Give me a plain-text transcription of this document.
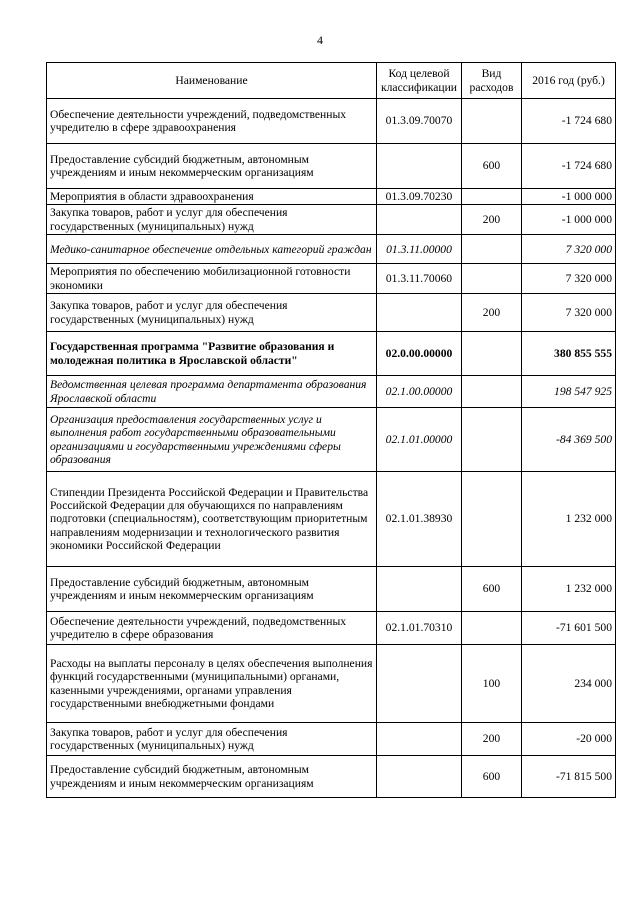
4
Наименование	Код целевой классификации	Вид расходов	2016 год (руб.)
Обеспечение деятельности учреждений, подведомственных учредителю в сфере здравоохранения	01.3.09.70070		-1 724 680
Предоставление субсидий бюджетным, автономным учреждениям и иным некоммерческим организациям		600	-1 724 680
Мероприятия в области здравоохранения	01.3.09.70230		-1 000 000
Закупка товаров, работ и услуг для обеспечения государственных (муниципальных) нужд		200	-1 000 000
Медико-санитарное обеспечение отдельных категорий граждан	01.3.11.00000		7 320 000
Мероприятия по обеспечению мобилизационной готовности экономики	01.3.11.70060		7 320 000
Закупка товаров, работ и услуг для обеспечения государственных (муниципальных) нужд		200	7 320 000
Государственная программа "Развитие образования и молодежная политика в Ярославской области"	02.0.00.00000		380 855 555
Ведомственная целевая программа департамента образования Ярославской области	02.1.00.00000		198 547 925
Организация предоставления государственных услуг и выполнения работ государственными образовательными организациями и государственными учреждениями сферы образования	02.1.01.00000		-84 369 500
Стипендии Президента Российской Федерации и Правительства Российской Федерации для обучающихся по направлениям подготовки (специальностям), соответствующим приоритетным направлениям модернизации и технологического развития экономики Российской Федерации	02.1.01.38930		1 232 000
Предоставление субсидий бюджетным, автономным учреждениям и иным некоммерческим организациям		600	1 232 000
Обеспечение деятельности учреждений, подведомственных учредителю в сфере образования	02.1.01.70310		-71 601 500
Расходы на выплаты персоналу в целях обеспечения выполнения функций государственными (муниципальными) органами, казенными учреждениями, органами управления государственными внебюджетными фондами		100	234 000
Закупка товаров, работ и услуг для обеспечения государственных (муниципальных) нужд		200	-20 000
Предоставление субсидий бюджетным, автономным учреждениям и иным некоммерческим организациям		600	-71 815 500
